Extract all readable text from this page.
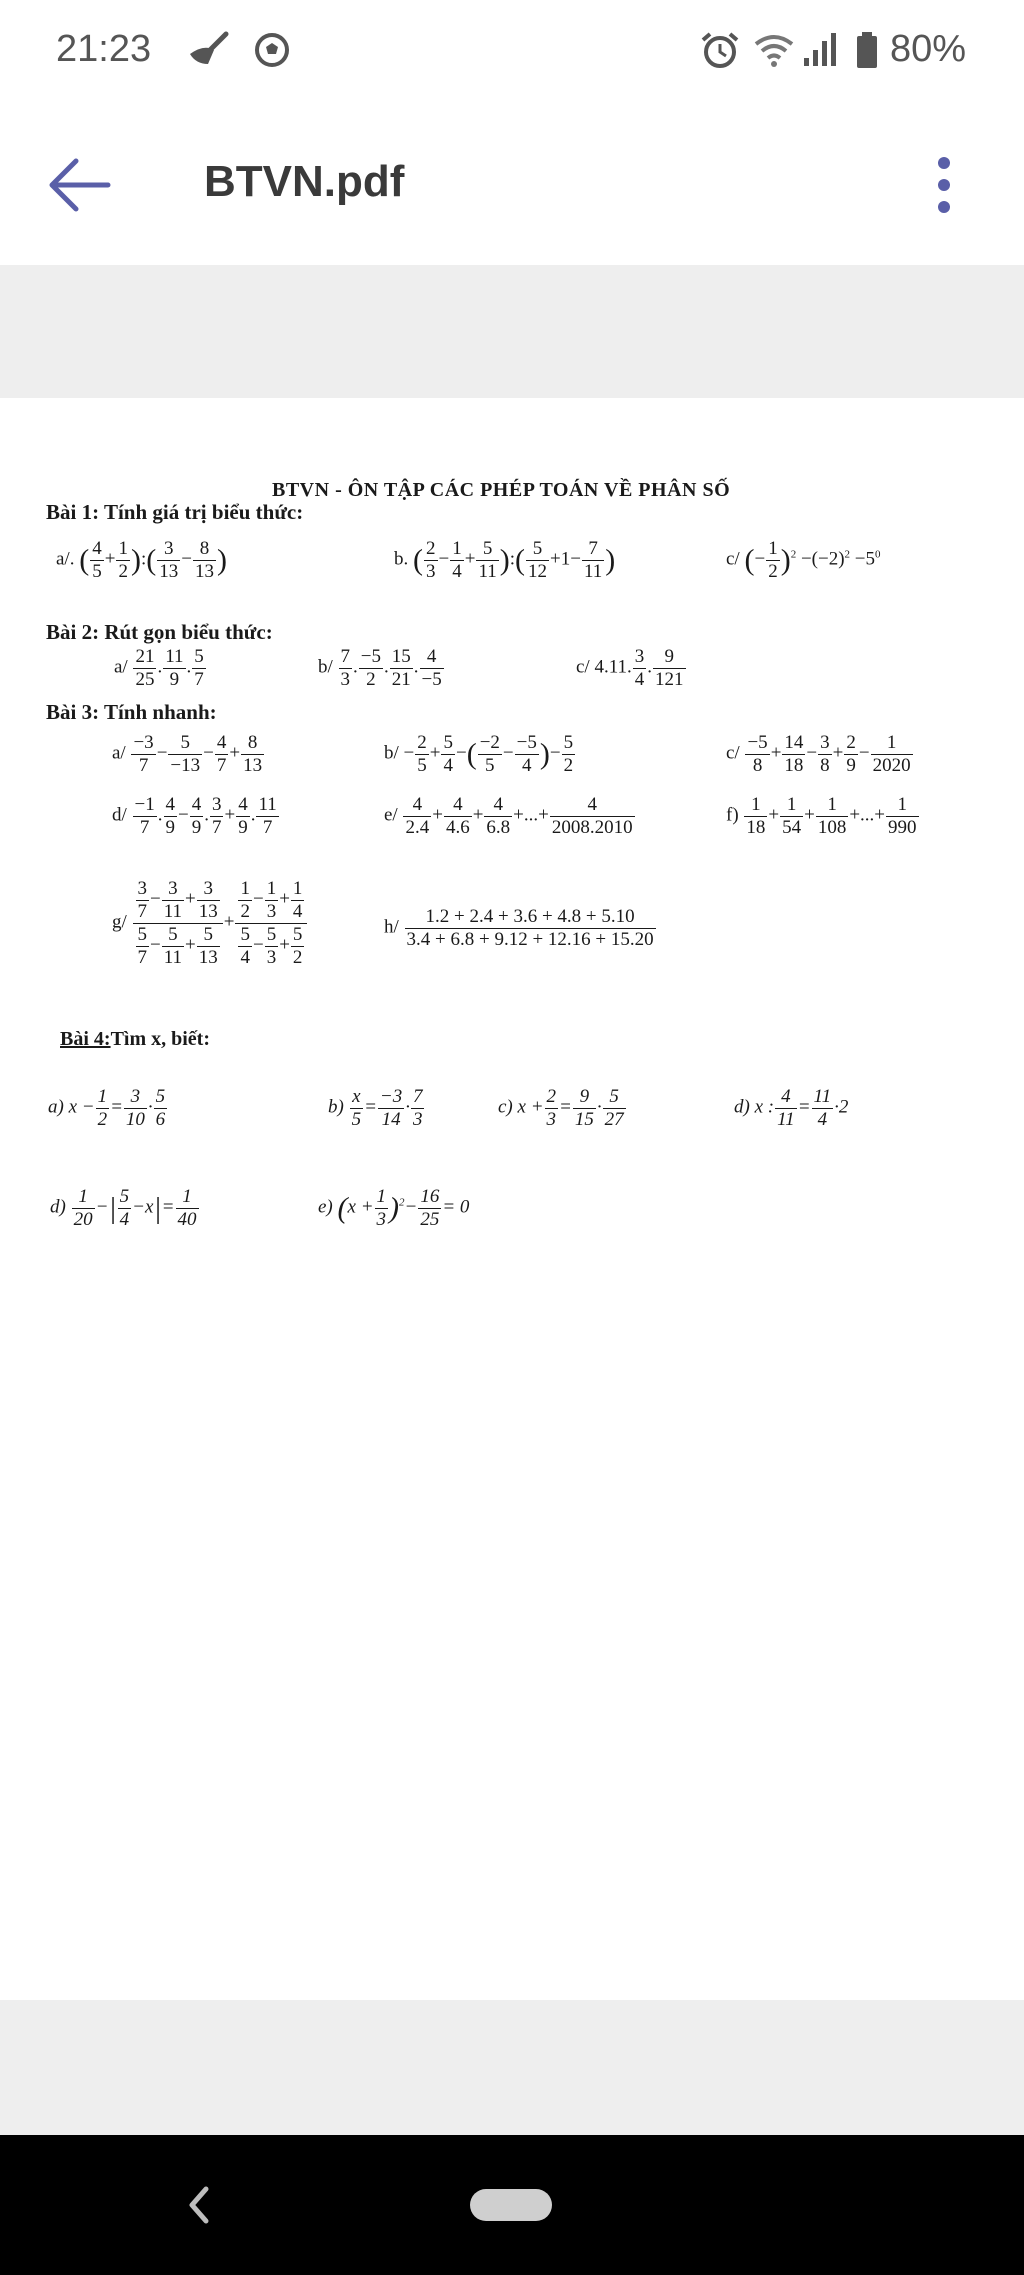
21:23	80%
BTVN.pdf
BTVN - ÔN TẬP CÁC PHÉP TOÁN VỀ PHÂN SỐ
Bài 1: Tính giá trị biểu thức:
a/. ( $\frac{4}{5} + \frac{1}{2}$ ):( $\frac{3}{13} - \frac{8}{13}$ )	b. ( $\frac{2}{3} - \frac{1}{4} + \frac{5}{11}$ ):( $\frac{5}{12} +1- \frac{7}{11}$ )	c/ (− $\frac{1}{2} )^2 -(-2)^2 -5^0$
Bài 2: Rút gọn biểu thức:
$a/ \frac{21}{25}$ . $\frac{11}{9}$ . $\frac{5}{7}$	$b/ \frac{7}{3}$ . $\frac{-5}{2}$ . $\frac{15}{21}$ . $\frac{4}{-5}$	c/ 4.11. $\frac{3}{4}$ . $\frac{9}{121}$
Bài 3: Tính nhanh:
$a/ \frac{-3}{7} - \frac{5}{-13} - \frac{4}{7} + \frac{8}{13}$	$b/ - \frac{2}{5} + \frac{5}{4}$ −( $\frac{-2}{5} - \frac{-5}{4}$ )− $\frac{5}{2}$	$c/ \frac{-5}{8} + \frac{14}{18} - \frac{3}{8} + \frac{2}{9} - \frac{1}{2020}$
$d/ \frac{-1}{7}$ . $\frac{4}{9} - \frac{4}{9}$ . $\frac{3}{7} + \frac{4}{9}$ . $\frac{11}{7}$	$e/ \frac{4}{2.4} + \frac{4}{4.6} + \frac{4}{6.8}$ +...+ $\frac{4}{2008.2010}$	$f) \frac{1}{18} + \frac{1}{54} + \frac{1}{108}$ +...+ $\frac{1}{990}$
$g/ \frac{\frac{3}{7} - \frac{3}{11} + \frac{3}{13}}{\frac{5}{7} - \frac{5}{11} + \frac{5}{13}} + \frac{\frac{1}{2} - \frac{1}{3} + \frac{1}{4}}{\frac{5}{4} - \frac{5}{3} + \frac{5}{2}}$	$h/ \frac{1.2 + 2.4 + 3.6 + 4.8 + 5.10}{3.4 + 6.8 + 9.12 + 12.16 + 15.20}$
Bài 4:Tìm x, biết:
a) $x - \frac{1}{2} = \frac{3}{10} \cdot \frac{5}{6}$	$b) \frac{x}{5} = \frac{-3}{14} \cdot \frac{7}{3}$	c) $x + \frac{2}{3} = \frac{9}{15} \cdot \frac{5}{27}$	d) x : $\frac{4}{11} = \frac{11}{4} \cdot 2$
$d) \frac{1}{20}$ −| $\frac{5}{4} -x|= \frac{1}{40}$	e) $(x + \frac{1}{3} )^2- \frac{16}{25} = 0$
